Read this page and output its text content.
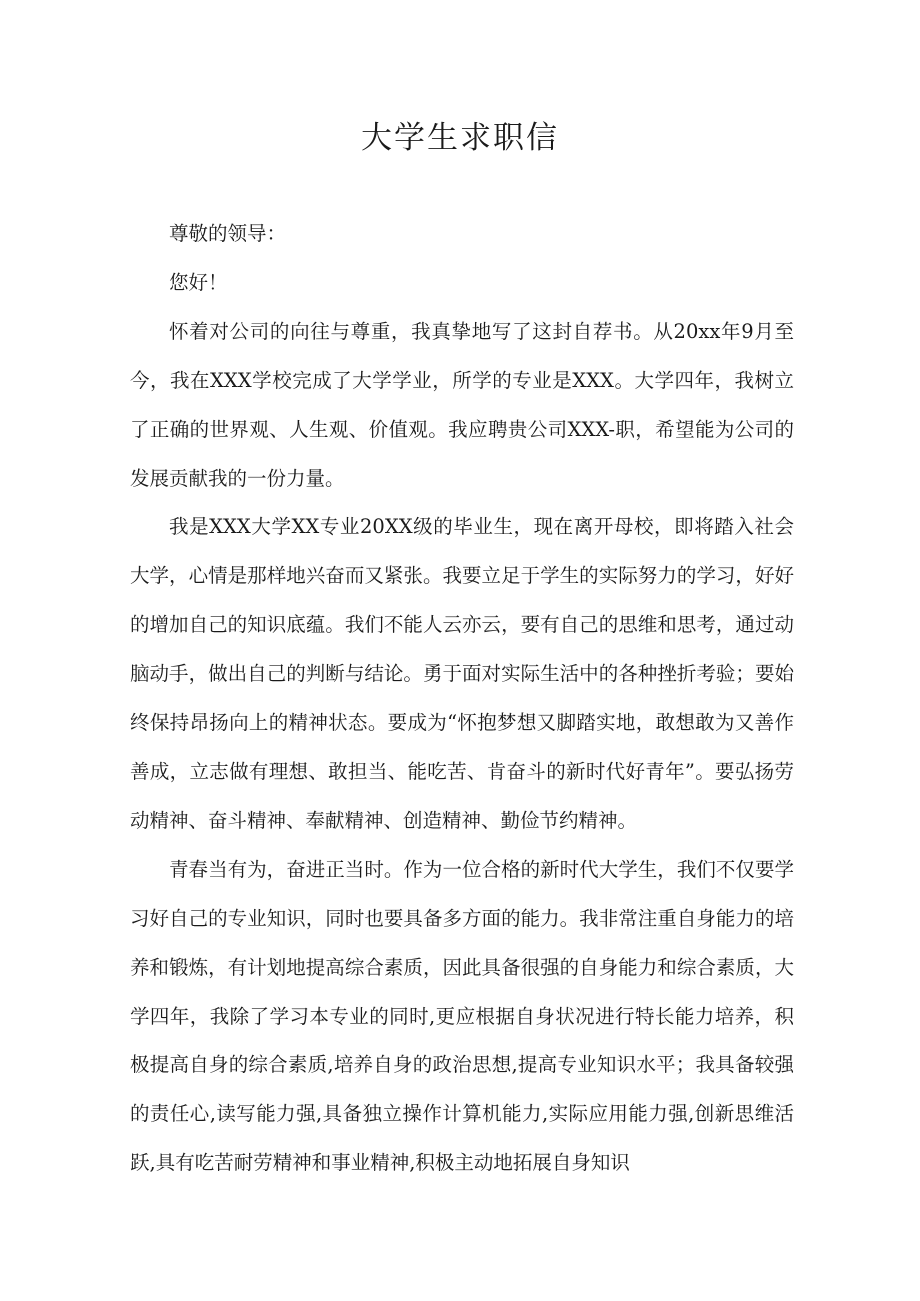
大学生求职信

尊敬的领导：

您好！

怀着对公司的向往与尊重，我真挚地写了这封自荐书。从20xx年9月至今，我在XXX学校完成了大学学业，所学的专业是XXX。大学四年，我树立了正确的世界观、人生观、价值观。我应聘贵公司XXX-职，希望能为公司的发展贡献我的一份力量。

我是XXX大学XX专业20XX级的毕业生，现在离开母校，即将踏入社会大学，心情是那样地兴奋而又紧张。我要立足于学生的实际努力的学习，好好的增加自己的知识底蕴。我们不能人云亦云，要有自己的思维和思考，通过动脑动手，做出自己的判断与结论。勇于面对实际生活中的各种挫折考验；要始终保持昂扬向上的精神状态。要成为“怀抱梦想又脚踏实地，敢想敢为又善作善成，立志做有理想、敢担当、能吃苦、肯奋斗的新时代好青年”。要弘扬劳动精神、奋斗精神、奉献精神、创造精神、勤俭节约精神。

青春当有为，奋进正当时。作为一位合格的新时代大学生，我们不仅要学习好自己的专业知识，同时也要具备多方面的能力。我非常注重自身能力的培养和锻炼，有计划地提高综合素质，因此具备很强的自身能力和综合素质，大学四年，我除了学习本专业的同时,更应根据自身状况进行特长能力培养，积极提高自身的综合素质,培养自身的政治思想,提高专业知识水平；我具备较强的责任心,读写能力强,具备独立操作计算机能力,实际应用能力强,创新思维活跃,具有吃苦耐劳精神和事业精神,积极主动地拓展自身知识
